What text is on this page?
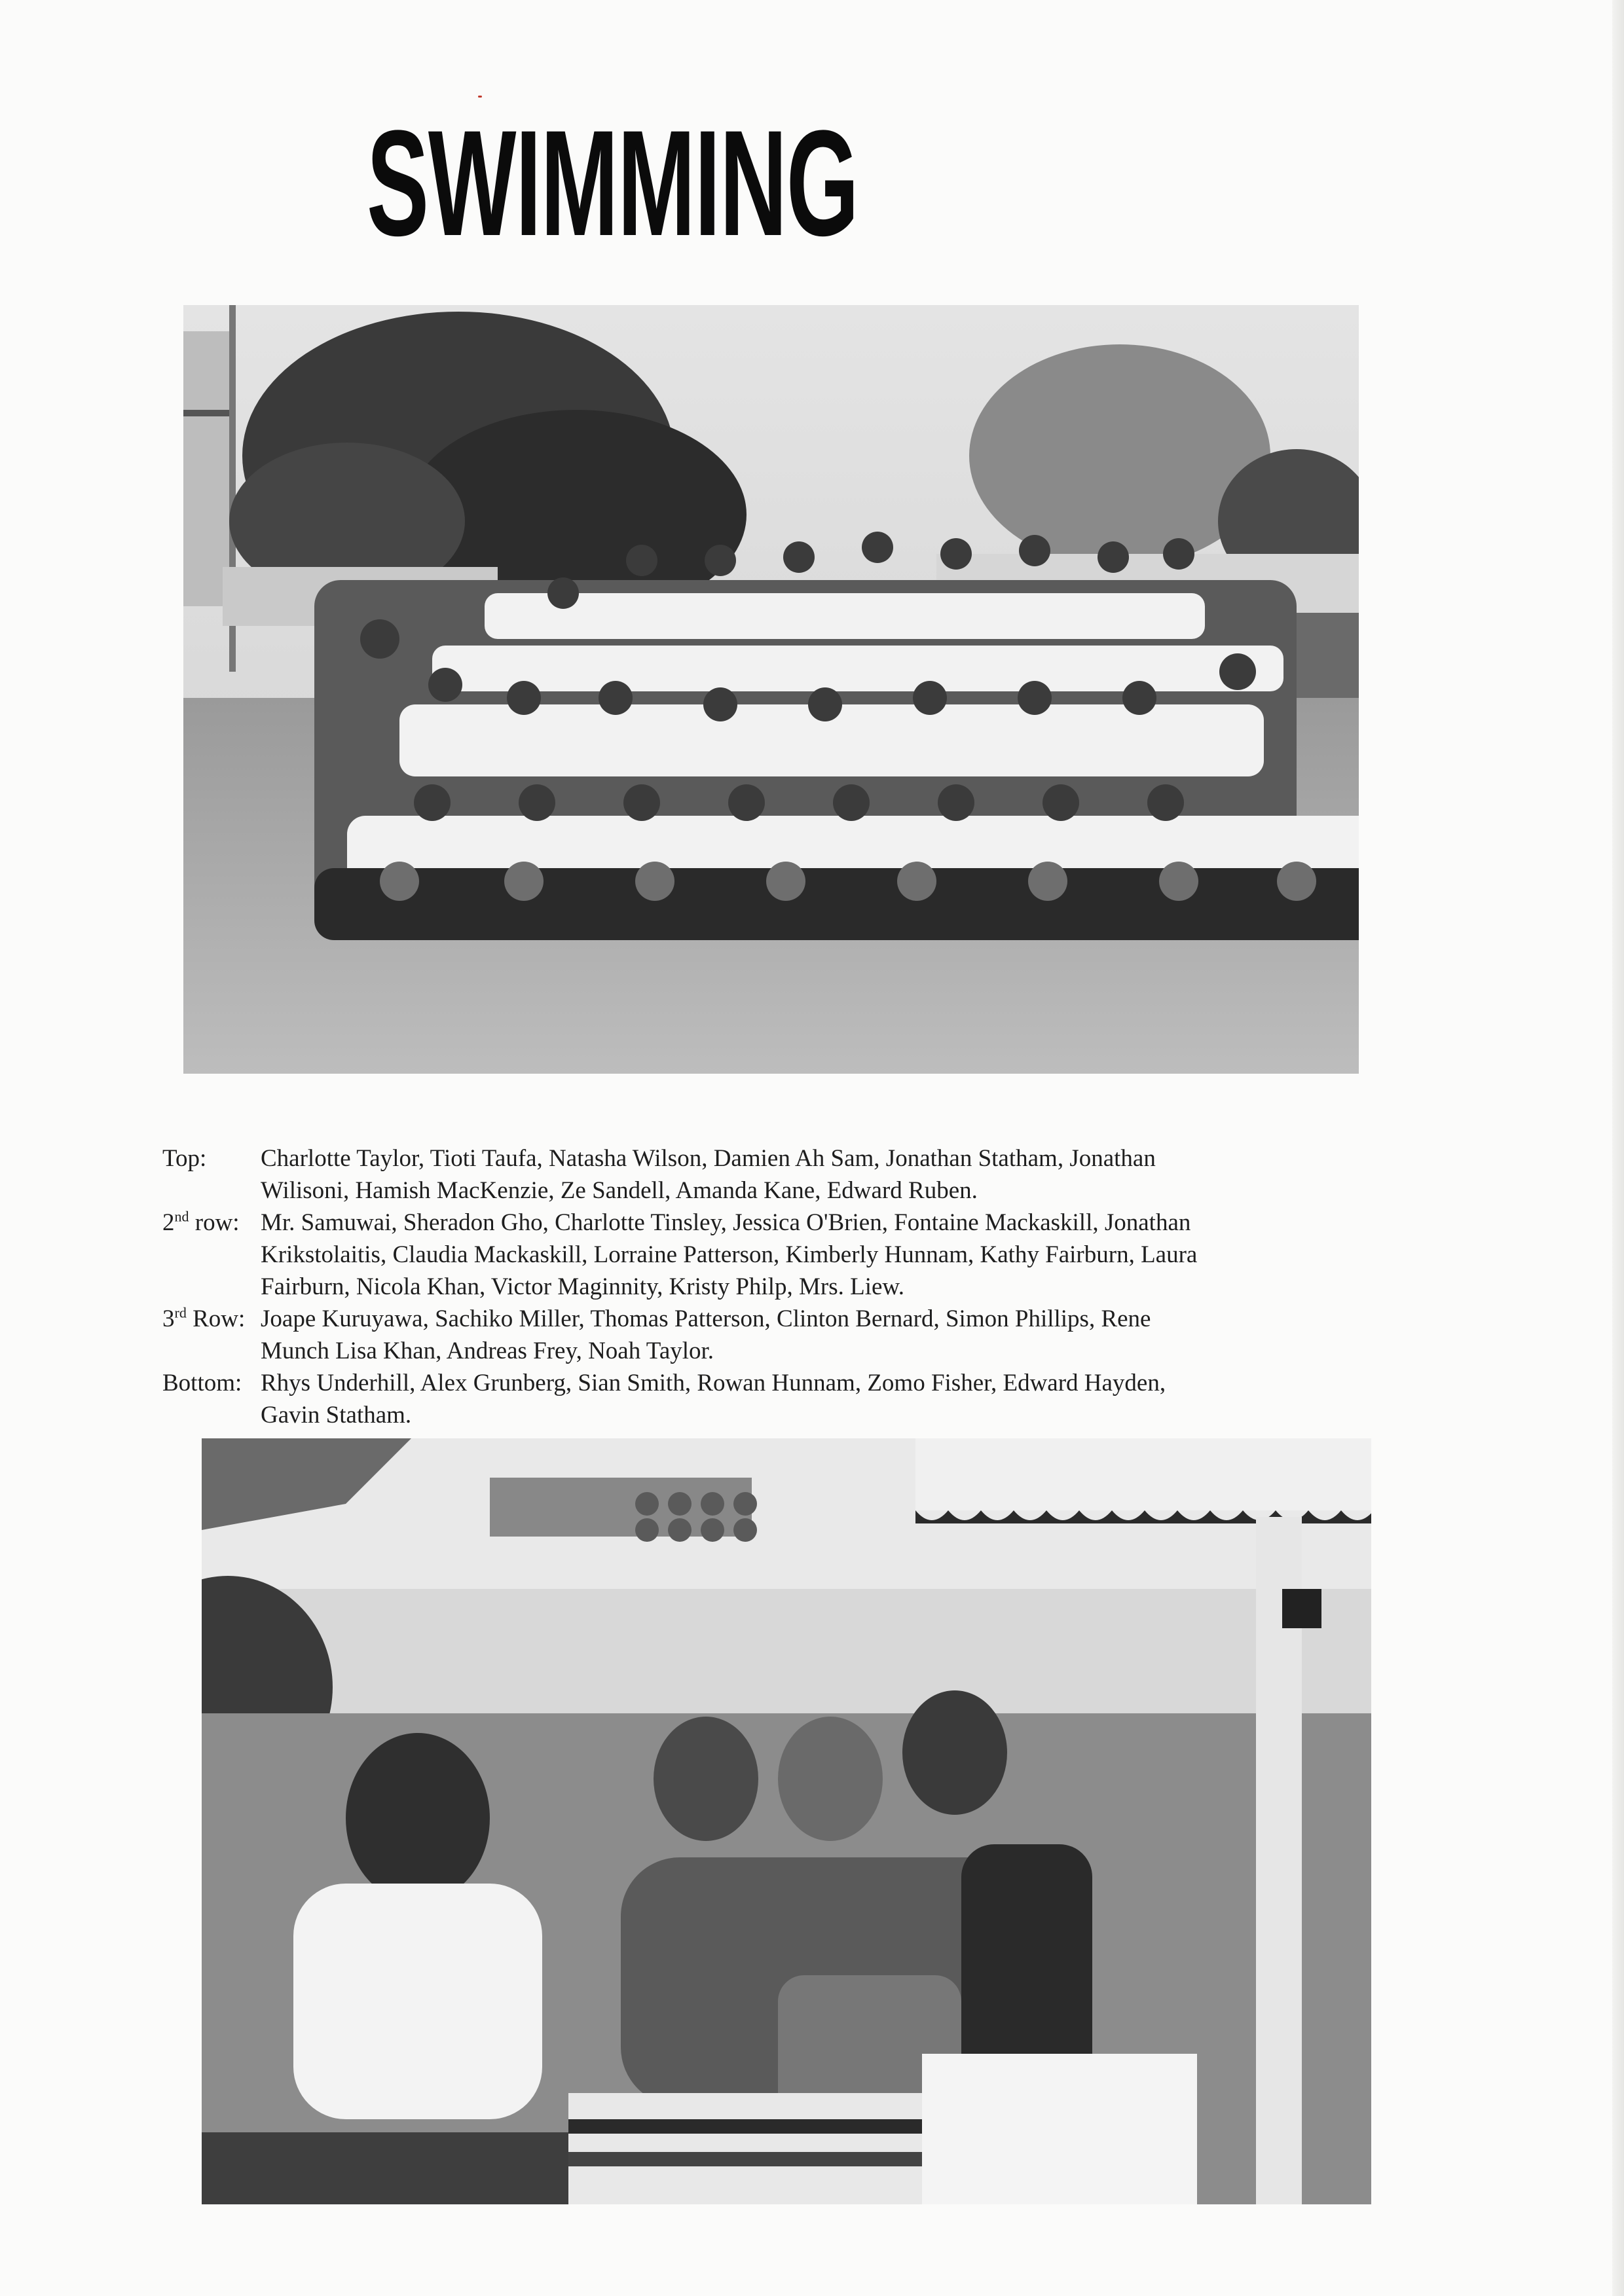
SWIMMING
Top:	Charlotte Taylor, Tioti Taufa, Natasha Wilson, Damien Ah Sam, Jonathan Statham, Jonathan
Wilisoni, Hamish MacKenzie, Ze Sandell, Amanda Kane, Edward Ruben.
2nd row: Mr. Samuwai, Sheradon Gho, Charlotte Tinsley, Jessica O'Brien, Fontaine Mackaskill, Jonathan
Krikstolaitis, Claudia Mackaskill, Lorraine Patterson, Kimberly Hunnam, Kathy Fairburn, Laura
Fairburn, Nicola Khan, Victor Maginnity, Kristy Philp, Mrs. Liew.
3rd Row: Joape Kuruyawa, Sachiko Miller, Thomas Patterson, Clinton Bernard, Simon Phillips, Rene
Munch Lisa Khan, Andreas Frey, Noah Taylor.
Bottom: Rhys Underhill, Alex Grunberg, Sian Smith, Rowan Hunnam, Zomo Fisher, Edward Hayden,
Gavin Statham.
